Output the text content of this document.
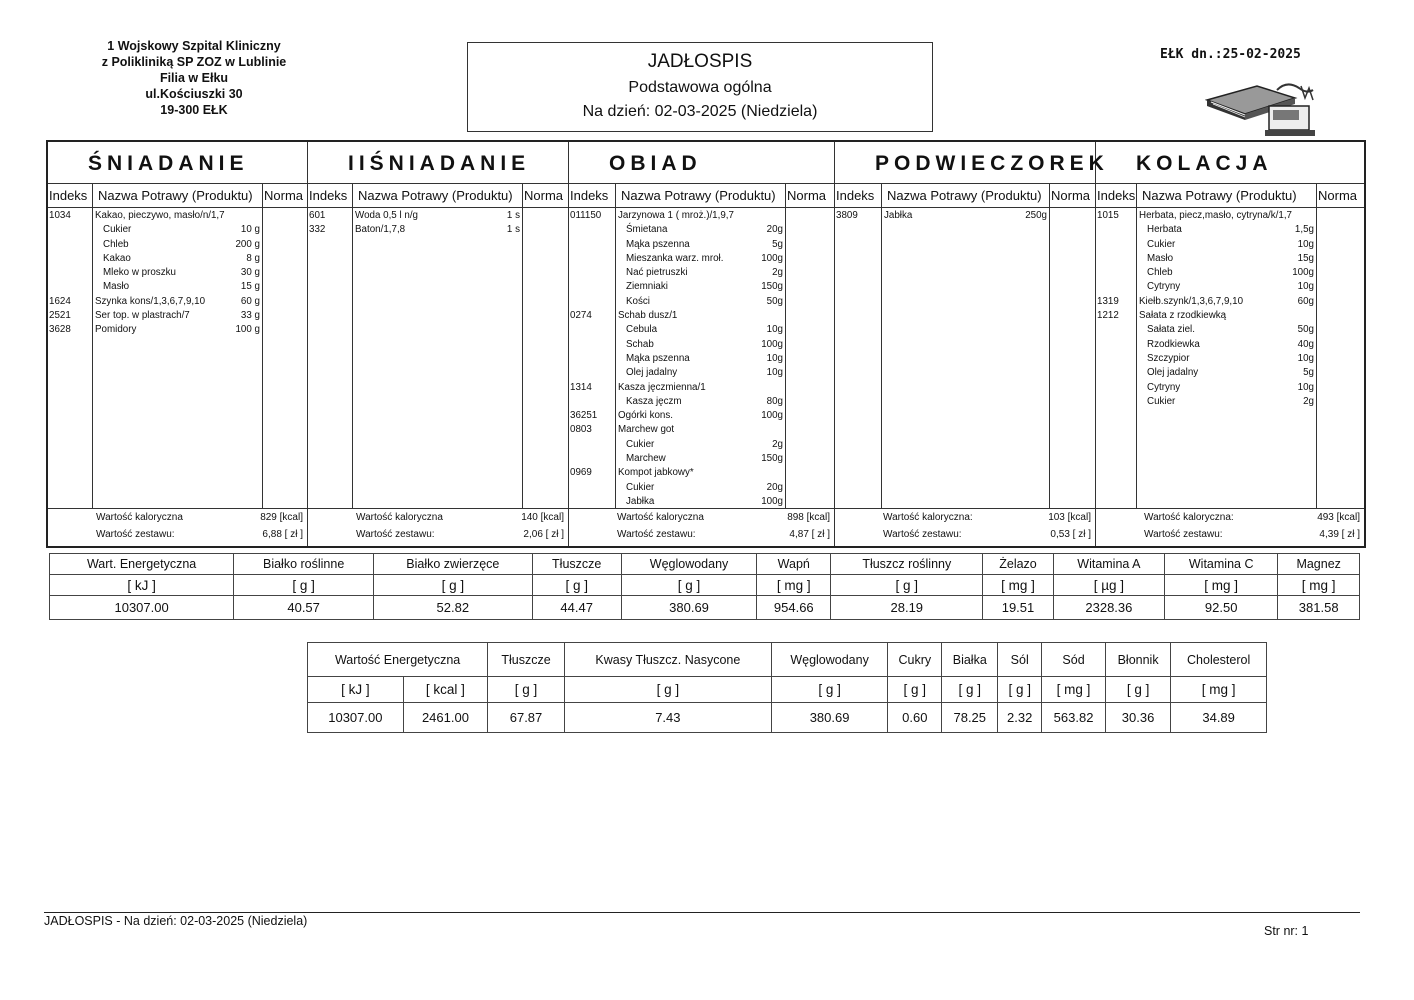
1 Wojskowy Szpital Kliniczny
z Polikliniką SP ZOZ w Lublinie
Filia w Ełku
ul.Kościuszki 30
19-300 EŁK
JADŁOSPIS
Podstawowa ogólna
Na dzień: 02-03-2025 (Niedziela)
EŁK dn.:25-02-2025
ŚNIADANIE
Indeks Nazwa Potrawy (Produktu) Norma
1034 Kakao, pieczywo, masło/n/1,7
Cukier	10 g
Chleb	200 g
Kakao	8 g
Mleko w proszku	30 g
Masło	15 g
1624 Szynka kons/1,3,6,7,9,10	60 g
2521 Ser top. w plastrach/7	33 g
3628 Pomidory	100 g
Wartość kaloryczna	829 [kcal]
Wartość zestawu:	6,88 [ zł ]
IIŚNIADANIE
Indeks Nazwa Potrawy (Produktu) Norma
601	Woda 0,5 l n/g	1 s
332	Baton/1,7,8	1 s
Wartość kaloryczna	140 [kcal]
Wartość zestawu:	2,06 [ zł ]
OBIAD
Indeks Nazwa Potrawy (Produktu) Norma
011150 Jarzynowa 1 ( mroż.)/1,9,7
Śmietana	20g
Mąka pszenna	5g
Mieszanka warz. mroł.	100g
Nać pietruszki	2g
Ziemniaki	150g
Kości	50g
0274	Schab dusz/1
Cebula	10g
Schab	100g
Mąka pszenna	10g
Olej jadalny	10g
1314	Kasza jęczmienna/1
Kasza jęczm	80g
36251 Ogórki kons.	100g
0803	Marchew got
Cukier	2g
Marchew	150g
0969	Kompot jabkowy*
Cukier	20g
Jabłka	100g
Wartość kaloryczna	898 [kcal]
Wartość zestawu:	4,87 [ zł ]
PODWIECZOREK
Indeks Nazwa Potrawy (Produktu) Norma
3809	Jabłka	250g
Wartość kaloryczna:	103 [kcal]
Wartość zestawu:	0,53 [ zł ]
KOLACJA
Indeks Nazwa Potrawy (Produktu) Norma
1015 Herbata, piecz,masło, cytryna/k/1,7
Herbata	1,5g
Cukier	10g
Masło	15g
Chleb	100g
Cytryny	10g
1319 Kiełb.szynk/1,3,6,7,9,10	60g
1212 Sałata z rzodkiewką
Sałata ziel.	50g
Rzodkiewka	40g
Szczypior	10g
Olej jadalny	5g
Cytryny	10g
Cukier	2g
Wartość kaloryczna:	493 [kcal]
Wartość zestawu:	4,39 [ zł ]
Wart. Energetyczna	Białko roślinne	Białko zwierzęce	Tłuszcze	Węglowodany	Wapń	Tłuszcz roślinny	Żelazo	Witamina A	Witamina C	Magnez
[ kJ ]	[ g ]	[ g ]	[ g ]	[ g ]	[ mg ]	[ g ]	[ mg ]	[ µg ]	[ mg ]	[ mg ]
10307.00	40.57	52.82	44.47	380.69	954.66	28.19	19.51	2328.36	92.50	381.58
Wartość Energetyczna		Tłuszcze	Kwasy Tłuszcz. Nasycone	Węglowodany	Cukry	Białka	Sól	Sód	Błonnik	Cholesterol
[ kJ ]	[ kcal ]	[ g ]	[ g ]	[ g ]	[ g ]	[ g ]	[ g ]	[ mg ]	[ g ]	[ mg ]
10307.00	2461.00	67.87	7.43	380.69	0.60	78.25	2.32	563.82	30.36	34.89
JADŁOSPIS - Na dzień: 02-03-2025 (Niedziela)
Str nr: 1
